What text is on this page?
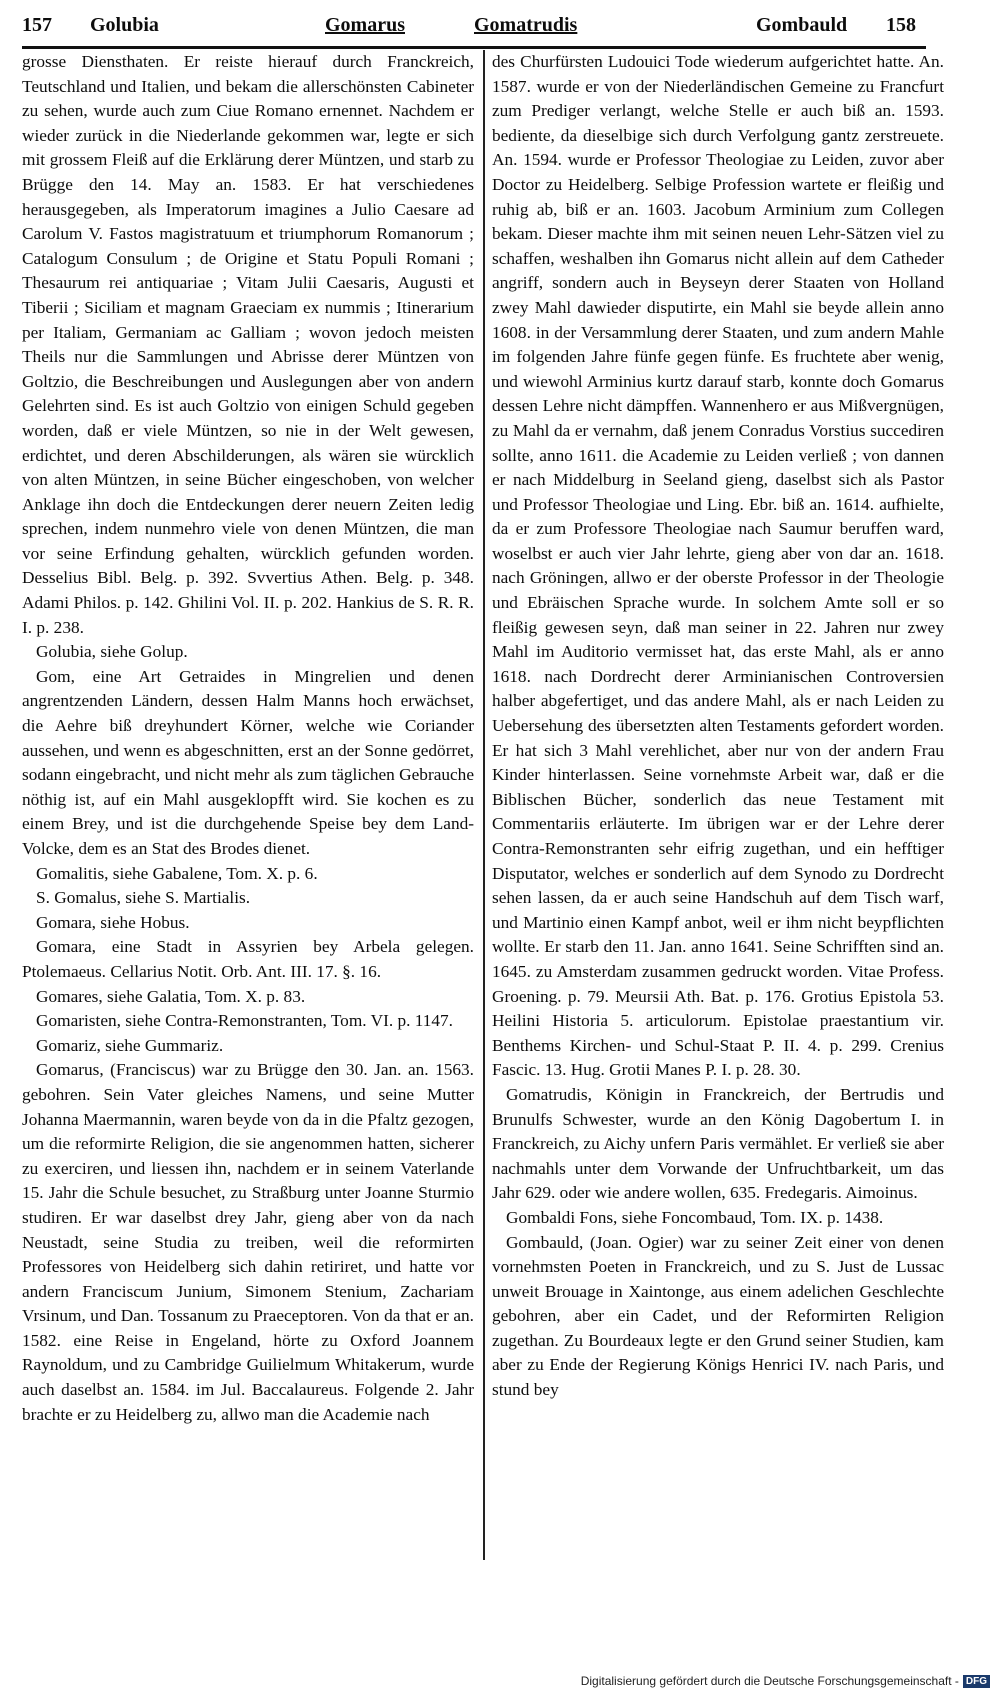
157 Golubia	Gomarus	Gomatrudis	Gombauld 158

grosse Diensthaten. Er reiste hierauf durch Franckreich, Teutschland und Italien, und bekam die allerschönsten Cabineter zu sehen, wurde auch zum Ciue Romano ernennet. Nachdem er wieder zurück in die Niederlande gekommen war, legte er sich mit grossem Fleiß auf die Erklärung derer Müntzen, und starb zu Brügge den 14. May an. 1583. Er hat verschiedenes herausgegeben, als Imperatorum imagines a Julio Caesare ad Carolum V. Fastos magistratuum et triumphorum Romanorum ; Catalogum Consulum ; de Origine et Statu Populi Romani ; Thesaurum rei antiquariae ; Vitam Julii Caesaris, Augusti et Tiberii ; Siciliam et magnam Graeciam ex nummis ; Itinerarium per Italiam, Germaniam ac Galliam ; wovon jedoch meisten Theils nur die Sammlungen und Abrisse derer Müntzen von Goltzio, die Beschreibungen und Auslegungen aber von andern Gelehrten sind. Es ist auch Goltzio von einigen Schuld gegeben worden, daß er viele Müntzen, so nie in der Welt gewesen, erdichtet, und deren Abschilderungen, als wären sie würcklich von alten Müntzen, in seine Bücher eingeschoben, von welcher Anklage ihn doch die Entdeckungen derer neuern Zeiten ledig sprechen, indem nunmehro viele von denen Müntzen, die man vor seine Erfindung gehalten, würcklich gefunden worden. Desselius Bibl. Belg. p. 392. Svvertius Athen. Belg. p. 348. Adami Philos. p. 142. Ghilini Vol. II. p. 202. Hankius de S. R. R. I. p. 238.

Golubia, siehe Golup.

Gom, eine Art Getraides in Mingrelien und denen angrentzenden Ländern, dessen Halm Manns hoch erwächset, die Aehre biß dreyhundert Körner, welche wie Coriander aussehen, und wenn es abgeschnitten, erst an der Sonne gedörret, sodann eingebracht, und nicht mehr als zum täglichen Gebrauche nöthig ist, auf ein Mahl ausgeklopfft wird. Sie kochen es zu einem Brey, und ist die durchgehende Speise bey dem Land-Volcke, dem es an Stat des Brodes dienet.

Gomalitis, siehe Gabalene, Tom. X. p. 6.

S. Gomalus, siehe S. Martialis.

Gomara, siehe Hobus.

Gomara, eine Stadt in Assyrien bey Arbela gelegen. Ptolemaeus. Cellarius Notit. Orb. Ant. III. 17. §. 16.

Gomares, siehe Galatia, Tom. X. p. 83.

Gomaristen, siehe Contra-Remonstranten, Tom. VI. p. 1147.

Gomariz, siehe Gummariz.

Gomarus, (Franciscus) war zu Brügge den 30. Jan. an. 1563. gebohren. Sein Vater gleiches Namens, und seine Mutter Johanna Maermannin, waren beyde von da in die Pfaltz gezogen, um die reformirte Religion, die sie angenommen hatten, sicherer zu exerciren, und liessen ihn, nachdem er in seinem Vaterlande 15. Jahr die Schule besuchet, zu Straßburg unter Joanne Sturmio studiren. Er war daselbst drey Jahr, gieng aber von da nach Neustadt, seine Studia zu treiben, weil die reformirten Professores von Heidelberg sich dahin retiriret, und hatte vor andern Franciscum Junium, Simonem Stenium, Zachariam Vrsinum, und Dan. Tossanum zu Praeceptoren. Von da that er an. 1582. eine Reise in Engeland, hörte zu Oxford Joannem Raynoldum, und zu Cambridge Guilielmum Whitakerum, wurde auch daselbst an. 1584. im Jul. Baccalaureus. Folgende 2. Jahr brachte er zu Heidelberg zu, allwo man die Academie nach

des Churfürsten Ludouici Tode wiederum aufgerichtet hatte. An. 1587. wurde er von der Niederländischen Gemeine zu Francfurt zum Prediger verlangt, welche Stelle er auch biß an. 1593. bediente, da dieselbige sich durch Verfolgung gantz zerstreuete. An. 1594. wurde er Professor Theologiae zu Leiden, zuvor aber Doctor zu Heidelberg. Selbige Profession wartete er fleißig und ruhig ab, biß er an. 1603. Jacobum Arminium zum Collegen bekam. Dieser machte ihm mit seinen neuen Lehr-Sätzen viel zu schaffen, weshalben ihn Gomarus nicht allein auf dem Catheder angriff, sondern auch in Beyseyn derer Staaten von Holland zwey Mahl dawieder disputirte, ein Mahl sie beyde allein anno 1608. in der Versammlung derer Staaten, und zum andern Mahle im folgenden Jahre fünfe gegen fünfe. Es fruchtete aber wenig, und wiewohl Arminius kurtz darauf starb, konnte doch Gomarus dessen Lehre nicht dämpffen. Wannenhero er aus Mißvergnügen, zu Mahl da er vernahm, daß jenem Conradus Vorstius succediren sollte, anno 1611. die Academie zu Leiden verließ ; von dannen er nach Middelburg in Seeland gieng, daselbst sich als Pastor und Professor Theologiae und Ling. Ebr. biß an. 1614. aufhielte, da er zum Professore Theologiae nach Saumur beruffen ward, woselbst er auch vier Jahr lehrte, gieng aber von dar an. 1618. nach Gröningen, allwo er der oberste Professor in der Theologie und Ebräischen Sprache wurde. In solchem Amte soll er so fleißig gewesen seyn, daß man seiner in 22. Jahren nur zwey Mahl im Auditorio vermisset hat, das erste Mahl, als er anno 1618. nach Dordrecht derer Arminianischen Controversien halber abgefertiget, und das andere Mahl, als er nach Leiden zu Uebersehung des übersetzten alten Testaments gefordert worden. Er hat sich 3 Mahl verehlichet, aber nur von der andern Frau Kinder hinterlassen. Seine vornehmste Arbeit war, daß er die Biblischen Bücher, sonderlich das neue Testament mit Commentariis erläuterte. Im übrigen war er der Lehre derer Contra-Remonstranten sehr eifrig zugethan, und ein hefftiger Disputator, welches er sonderlich auf dem Synodo zu Dordrecht sehen lassen, da er auch seine Handschuh auf dem Tisch warf, und Martinio einen Kampf anbot, weil er ihm nicht beypflichten wollte. Er starb den 11. Jan. anno 1641. Seine Schrifften sind an. 1645. zu Amsterdam zusammen gedruckt worden. Vitae Profess. Groening. p. 79. Meursii Ath. Bat. p. 176. Grotius Epistola 53. Heilini Historia 5. articulorum. Epistolae praestantium vir. Benthems Kirchen- und Schul-Staat P. II. 4. p. 299. Crenius Fascic. 13. Hug. Grotii Manes P. I. p. 28. 30.

Gomatrudis, Königin in Franckreich, der Bertrudis und Brunulfs Schwester, wurde an den König Dagobertum I. in Franckreich, zu Aichy unfern Paris vermählet. Er verließ sie aber nachmahls unter dem Vorwande der Unfruchtbarkeit, um das Jahr 629. oder wie andere wollen, 635. Fredegaris. Aimoinus.

Gombaldi Fons, siehe Foncombaud, Tom. IX. p. 1438.

Gombauld, (Joan. Ogier) war zu seiner Zeit einer von denen vornehmsten Poeten in Franckreich, und zu S. Just de Lussac unweit Brouage in Xaintonge, aus einem adelichen Geschlechte gebohren, aber ein Cadet, und der Reformirten Religion zugethan. Zu Bourdeaux legte er den Grund seiner Studien, kam aber zu Ende der Regierung Königs Henrici IV. nach Paris, und stund bey

Digitalisierung gefördert durch die Deutsche Forschungsgemeinschaft - DFG
